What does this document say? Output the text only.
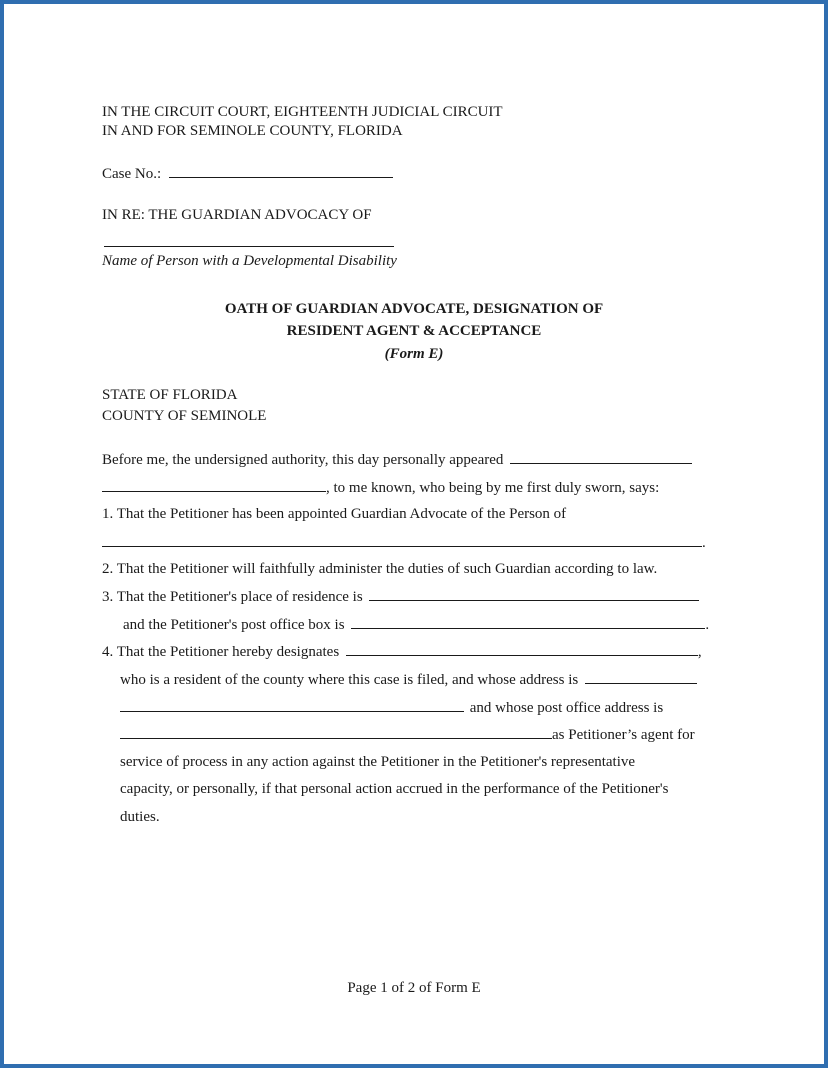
IN THE CIRCUIT COURT, EIGHTEENTH JUDICIAL CIRCUIT
IN AND FOR SEMINOLE COUNTY, FLORIDA
Case No.:
IN RE: THE GUARDIAN ADVOCACY OF
Name of Person with a Developmental Disability
OATH OF GUARDIAN ADVOCATE, DESIGNATION OF
RESIDENT AGENT & ACCEPTANCE
(Form E)
STATE OF FLORIDA
COUNTY OF SEMINOLE
Before me, the undersigned authority, this day personally appeared
, to me known, who being by me first duly sworn, says:
1. That the Petitioner has been appointed Guardian Advocate of the Person of
.
2. That the Petitioner will faithfully administer the duties of such Guardian according to law.
3. That the Petitioner's place of residence is
and the Petitioner's post office box is	.
4. That the Petitioner hereby designates	,
who is a resident of the county where this case is filed, and whose address is
and whose post office address is
as Petitioner’s agent for
service of process in any action against the Petitioner in the Petitioner's representative
capacity, or personally, if that personal action accrued in the performance of the Petitioner's
duties.
Page 1 of 2 of Form E
